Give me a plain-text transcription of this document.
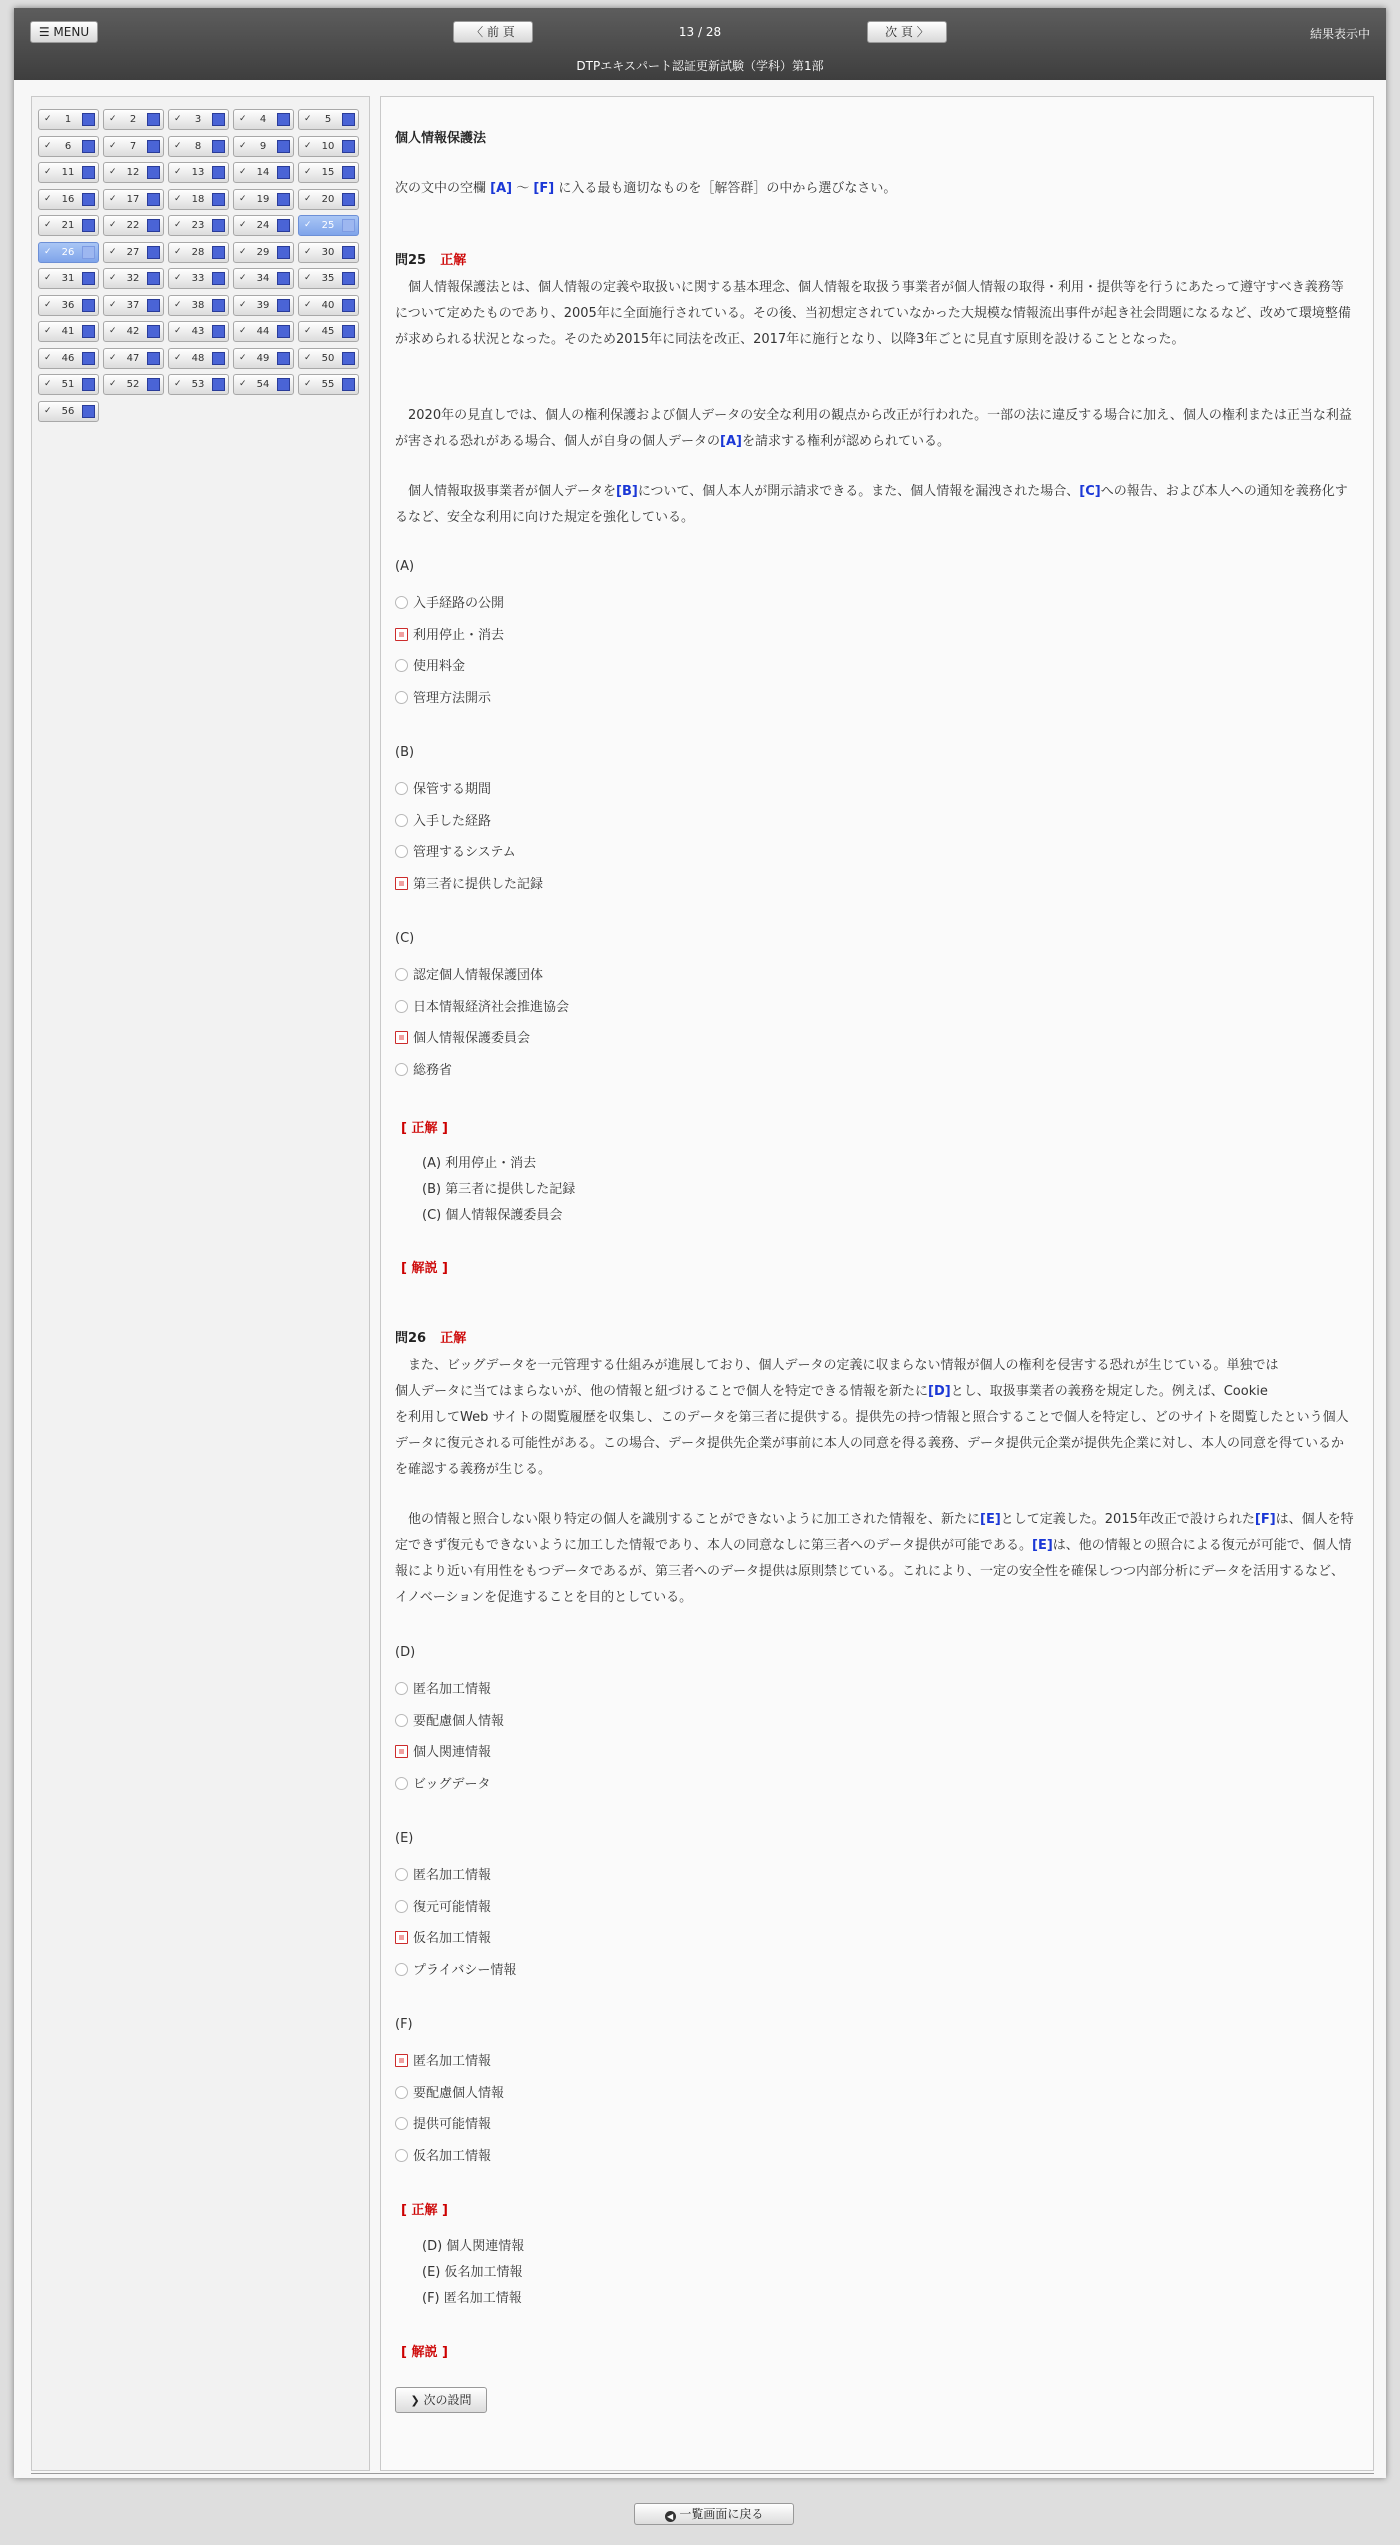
☰ MENU	〈 前 頁	13 / 28	次 頁 〉	結果表示中
DTPエキスパート認証更新試験（学科）第1部
✓	1	✓	2	✓	3	✓	4	✓	5
✓	6	✓	7	✓	8	✓	9	✓	10
✓	11	✓	12	✓	13	✓	14	✓	15
✓	16	✓	17	✓	18	✓	19	✓	20
✓	21	✓	22	✓	23	✓	24	✓	25
✓	26	✓	27	✓	28	✓	29	✓	30
✓	31	✓	32	✓	33	✓	34	✓	35
✓	36	✓	37	✓	38	✓	39	✓	40
✓	41	✓	42	✓	43	✓	44	✓	45
✓	46	✓	47	✓	48	✓	49	✓	50
✓	51	✓	52	✓	53	✓	54	✓	55
✓	56
個人情報保護法
次の文中の空欄 [A] 〜 [F] に入る最も適切なものを［解答群］の中から選びなさい。
問25 正解
個人情報保護法とは、個人情報の定義や取扱いに関する基本理念、個人情報を取扱う事業者が個人情報の取得・利用・提供等を行うにあたって遵守すべき義務等について定めたものであり、2005年に全面施行されている。その後、当初想定されていなかった大規模な情報流出事件が起き社会問題になるなど、改めて環境整備が求められる状況となった。そのため2015年に同法を改正、2017年に施行となり、以降3年ごとに見直す原則を設けることとなった。
2020年の見直しでは、個人の権利保護および個人データの安全な利用の観点から改正が行われた。一部の法に違反する場合に加え、個人の権利または正当な利益が害される恐れがある場合、個人が自身の個人データの[A]を請求する権利が認められている。
個人情報取扱事業者が個人データを[B]について、個人本人が開示請求できる。また、個人情報を漏洩された場合、[C]への報告、および本人への通知を義務化するなど、安全な利用に向けた規定を強化している。
(A)
入手経路の公開
利用停止・消去
使用料金
管理方法開示
(B)
保管する期間
入手した経路
管理するシステム
第三者に提供した記録
(C)
認定個人情報保護団体
日本情報経済社会推進協会
個人情報保護委員会
総務省
[ 正解 ]
(A) 利用停止・消去
(B) 第三者に提供した記録
(C) 個人情報保護委員会
[ 解説 ]
問26 正解
また、ビッグデータを一元管理する仕組みが進展しており、個人データの定義に収まらない情報が個人の権利を侵害する恐れが生じている。単独では
個人データに当てはまらないが、他の情報と紐づけることで個人を特定できる情報を新たに[D]とし、取扱事業者の義務を規定した。例えば、Cookie
を利用してWeb サイトの閲覧履歴を収集し、このデータを第三者に提供する。提供先の持つ情報と照合することで個人を特定し、どのサイトを閲覧したという個人データに復元される可能性がある。この場合、データ提供先企業が事前に本人の同意を得る義務、データ提供元企業が提供先企業に対し、本人の同意を得ているかを確認する義務が生じる。
他の情報と照合しない限り特定の個人を識別することができないように加工された情報を、新たに[E]として定義した。2015年改正で設けられた[F]は、個人を特定できず復元もできないように加工した情報であり、本人の同意なしに第三者へのデータ提供が可能である。[E]は、他の情報との照合による復元が可能で、個人情報により近い有用性をもつデータであるが、第三者へのデータ提供は原則禁じている。これにより、一定の安全性を確保しつつ内部分析にデータを活用するなど、イノベーションを促進することを目的としている。
(D)
匿名加工情報
要配慮個人情報
個人関連情報
ビッグデータ
(E)
匿名加工情報
復元可能情報
仮名加工情報
プライバシー情報
(F)
匿名加工情報
要配慮個人情報
提供可能情報
仮名加工情報
[ 正解 ]
(D) 個人関連情報
(E) 仮名加工情報
(F) 匿名加工情報
[ 解説 ]
❯ 次の設問
◀ 一覧画面に戻る
